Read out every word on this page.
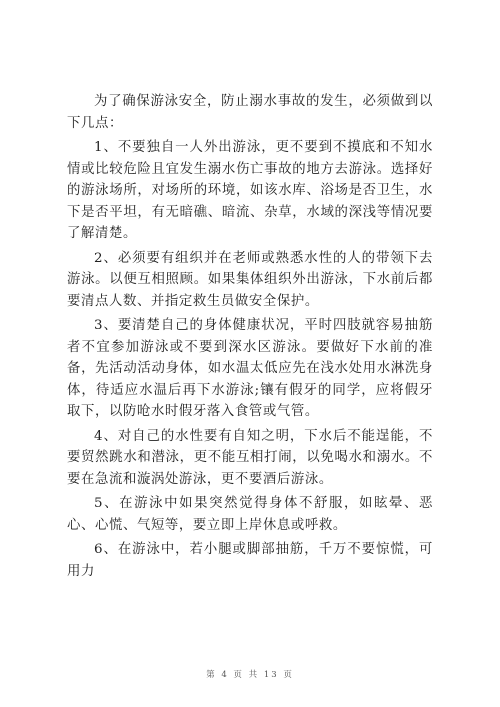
为了确保游泳安全，防止溺水事故的发生，必须做到以下几点：

1、不要独自一人外出游泳，更不要到不摸底和不知水情或比较危险且宜发生溺水伤亡事故的地方去游泳。选择好的游泳场所，对场所的环境，如该水库、浴场是否卫生，水下是否平坦，有无暗礁、暗流、杂草，水域的深浅等情况要了解清楚。

2、必须要有组织并在老师或熟悉水性的人的带领下去游泳。以便互相照顾。如果集体组织外出游泳，下水前后都要清点人数、并指定救生员做安全保护。

3、要清楚自己的身体健康状况，平时四肢就容易抽筋者不宜参加游泳或不要到深水区游泳。要做好下水前的准备，先活动活动身体，如水温太低应先在浅水处用水淋洗身体，待适应水温后再下水游泳;镶有假牙的同学，应将假牙取下，以防呛水时假牙落入食管或气管。

4、对自己的水性要有自知之明，下水后不能逞能，不要贸然跳水和潜泳，更不能互相打闹，以免喝水和溺水。不要在急流和漩涡处游泳，更不要酒后游泳。

5、在游泳中如果突然觉得身体不舒服，如眩晕、恶心、心慌、气短等，要立即上岸休息或呼救。

6、在游泳中，若小腿或脚部抽筋，千万不要惊慌，可用力

第 4 页 共 13 页
